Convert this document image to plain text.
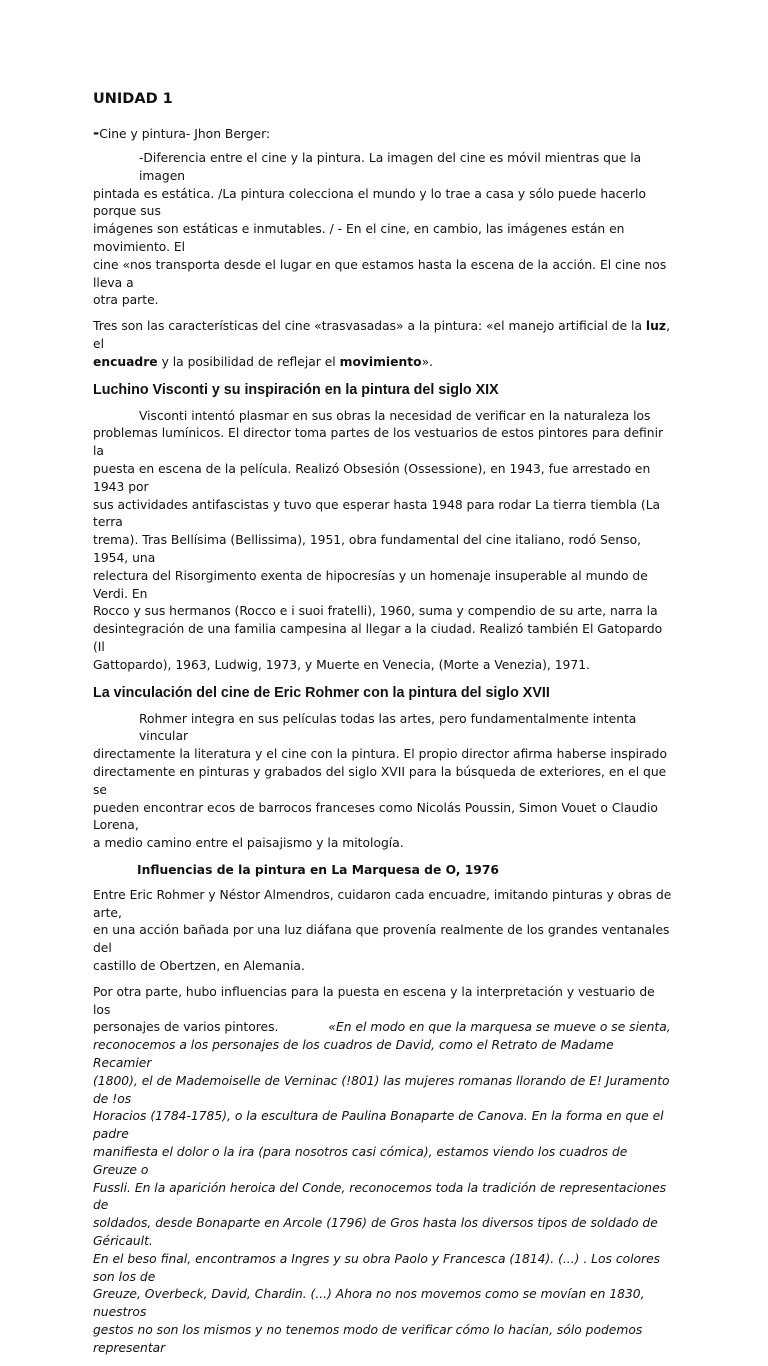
UNIDAD 1
-Cine y pintura- Jhon Berger:
-Diferencia entre el cine y la pintura. La imagen del cine es móvil mientras que la imagen
pintada es estática. /La pintura colecciona el mundo y lo trae a casa y sólo puede hacerlo porque sus
imágenes son estáticas e inmutables. / - En el cine, en cambio, las imágenes están en movimiento. El
cine «nos transporta desde el lugar en que estamos hasta la escena de la acción. El cine nos lleva a
otra parte.
Tres son las características del cine «trasvasadas» a la pintura: «el manejo artificial de la luz, el
encuadre y la posibilidad de reflejar el movimiento».
Luchino Visconti y su inspiración en la pintura del siglo XIX
Visconti intentó plasmar en sus obras la necesidad de verificar en la naturaleza los
problemas lumínicos. El director toma partes de los vestuarios de estos pintores para definir la
puesta en escena de la película. Realizó Obsesión (Ossessione), en 1943, fue arrestado en 1943 por
sus actividades antifascistas y tuvo que esperar hasta 1948 para rodar La tierra tiembla (La terra
trema). Tras Bellísima (Bellissima), 1951, obra fundamental del cine italiano, rodó Senso, 1954, una
relectura del Risorgimento exenta de hipocresías y un homenaje insuperable al mundo de Verdi. En
Rocco y sus hermanos (Rocco e i suoi fratelli), 1960, suma y compendio de su arte, narra la
desintegración de una familia campesina al llegar a la ciudad. Realizó también El Gatopardo (Il
Gattopardo), 1963, Ludwig, 1973, y Muerte en Venecia, (Morte a Venezia), 1971.
La vinculación del cine de Eric Rohmer con la pintura del siglo XVII
Rohmer integra en sus películas todas las artes, pero fundamentalmente intenta vincular
directamente la literatura y el cine con la pintura. El propio director afirma haberse inspirado
directamente en pinturas y grabados del siglo XVII para la búsqueda de exteriores, en el que se
pueden encontrar ecos de barrocos franceses como Nicolás Poussin, Simon Vouet o Claudio Lorena,
a medio camino entre el paisajismo y la mitología.
Influencias de la pintura en La Marquesa de O, 1976
Entre Eric Rohmer y Néstor Almendros, cuidaron cada encuadre, imitando pinturas y obras de arte,
en una acción bañada por una luz diáfana que provenía realmente de los grandes ventanales del
castillo de Obertzen, en Alemania.
Por otra parte, hubo influencias para la puesta en escena y la interpretación y vestuario de los
personajes de varios pintores.	«En el modo en que la marquesa se mueve o se sienta,
reconocemos a los personajes de los cuadros de David, como el Retrato de Madame Recamier
(1800), el de Mademoiselle de Verninac (!801) las mujeres romanas llorando de E! Juramento de !os
Horacios (1784-1785), o la escultura de Paulina Bonaparte de Canova. En la forma en que el padre
manifiesta el dolor o la ira (para nosotros casi cómica), estamos viendo los cuadros de Greuze o
Fussli. En la aparición heroica del Conde, reconocemos toda la tradición de representaciones de
soldados, desde Bonaparte en Arcole (1796) de Gros hasta los diversos tipos de soldado de Géricault.
En el beso final, encontramos a Ingres y su obra Paolo y Francesca (1814). (...) . Los colores son los de
Greuze, Overbeck, David, Chardin. (...) Ahora no nos movemos como se movían en 1830, nuestros
gestos no son los mismos y no tenemos modo de verificar cómo lo hacían, sólo podemos representar
